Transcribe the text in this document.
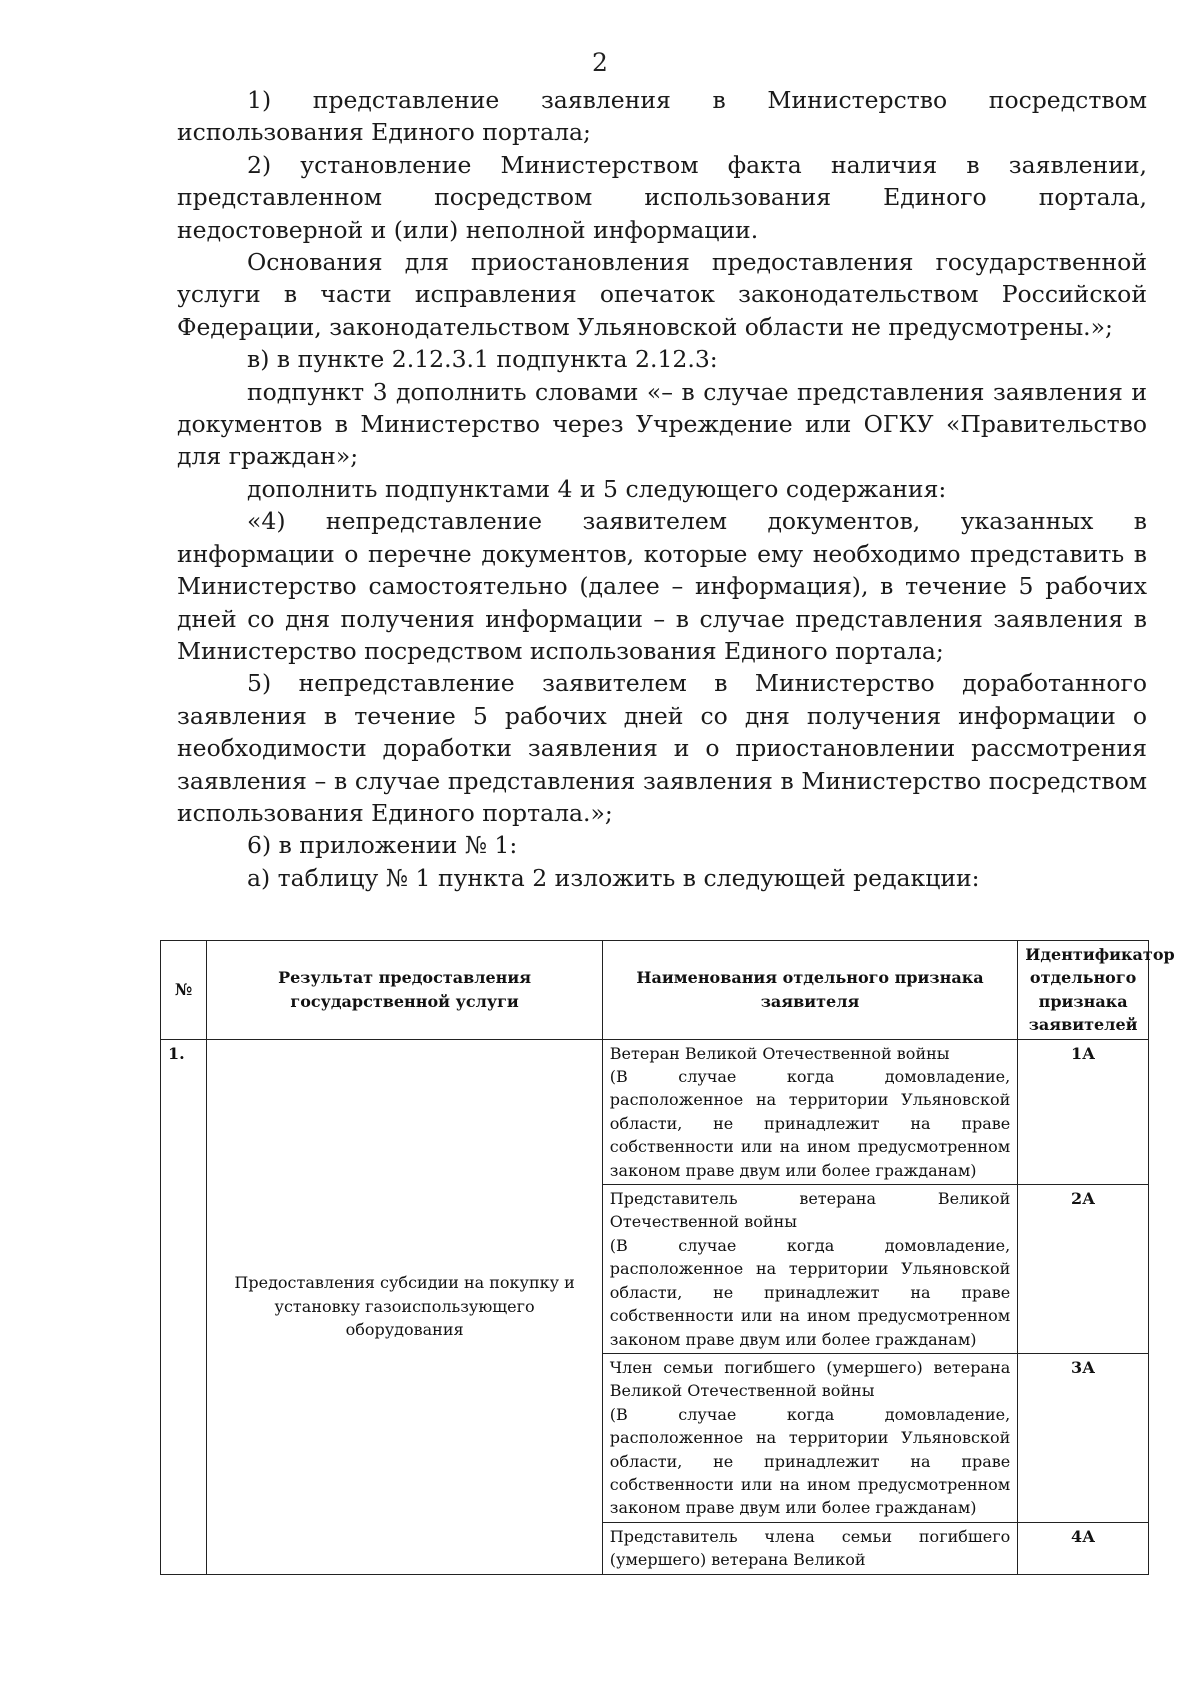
2

1) представление заявления в Министерство посредством использования Единого портала;

2) установление Министерством факта наличия в заявлении, представленном посредством использования Единого портала, недостоверной и (или) неполной информации.

Основания для приостановления предоставления государственной услуги в части исправления опечаток законодательством Российской Федерации, законодательством Ульяновской области не предусмотрены.»;

в) в пункте 2.12.3.1 подпункта 2.12.3:

подпункт 3 дополнить словами «– в случае представления заявления и документов в Министерство через Учреждение или ОГКУ «Правительство для граждан»;

дополнить подпунктами 4 и 5 следующего содержания:

«4) непредставление заявителем документов, указанных в информации о перечне документов, которые ему необходимо представить в Министерство самостоятельно (далее – информация), в течение 5 рабочих дней со дня получения информации – в случае представления заявления в Министерство посредством использования Единого портала;

5) непредставление заявителем в Министерство доработанного заявления в течение 5 рабочих дней со дня получения информации о необходимости доработки заявления и о приостановлении рассмотрения заявления – в случае представления заявления в Министерство посредством использования Единого портала.»;

6) в приложении № 1:

а) таблицу № 1 пункта 2 изложить в следующей редакции:

№	Результат предоставления государственной услуги	Наименования отдельного признака заявителя	Идентификатор отдельного признака заявителей
1.	Предоставления субсидии на покупку и установку газоиспользующего оборудования	Ветеран Великой Отечественной войны
(В случае когда домовладение, расположенное на территории Ульяновской области, не принадлежит на праве собственности или на ином предусмотренном законом праве двум или более гражданам)	1А

		Представитель ветерана Великой Отечественной войны
(В случае когда домовладение, расположенное на территории Ульяновской области, не принадлежит на праве собственности или на ином предусмотренном законом праве двум или более гражданам)	2А

		Член семьи погибшего (умершего) ветерана Великой Отечественной войны
(В случае когда домовладение, расположенное на территории Ульяновской области, не принадлежит на праве собственности или на ином предусмотренном законом праве двум или более гражданам)	3А

		Представитель члена семьи погибшего (умершего) ветерана Великой	4А
